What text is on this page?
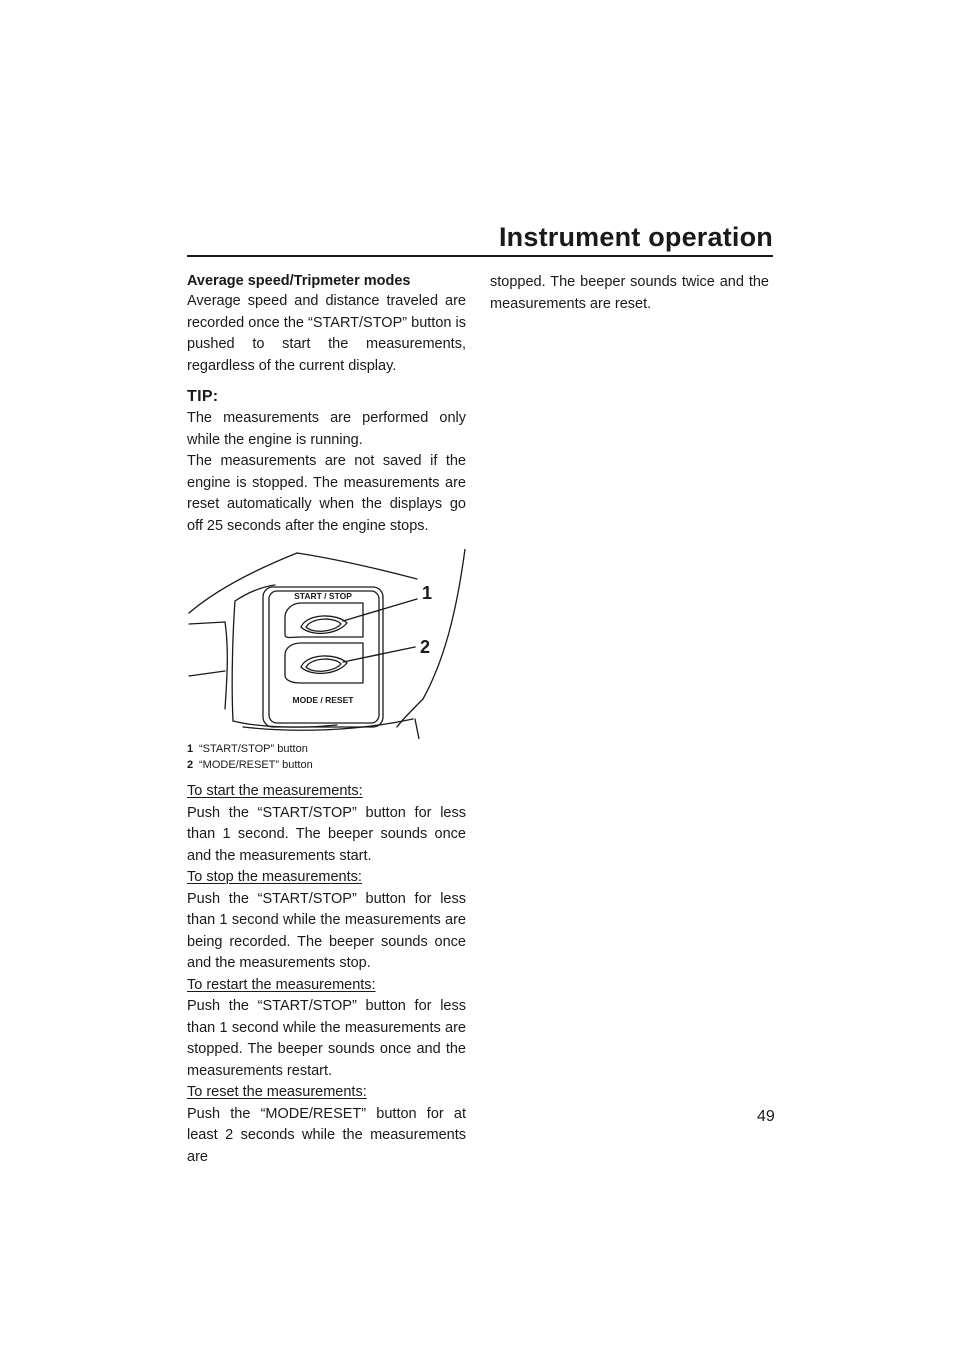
Instrument operation

Average speed/Tripmeter modes

Average speed and distance traveled are recorded once the “START/STOP” button is pushed to start the measurements, regardless of the current display.

TIP:

The measurements are performed only while the engine is running.

The measurements are not saved if the engine is stopped. The measurements are reset automatically when the displays go off 25 seconds after the engine stops.

START / STOP
MODE / RESET
1
2
1 “START/STOP” button
2 “MODE/RESET” button

To start the measurements:

Push the “START/STOP” button for less than 1 second. The beeper sounds once and the measurements start.

To stop the measurements:

Push the “START/STOP” button for less than 1 second while the measurements are being recorded. The beeper sounds once and the measurements stop.

To restart the measurements:

Push the “START/STOP” button for less than 1 second while the measurements are stopped. The beeper sounds once and the measurements restart.

To reset the measurements:

Push the “MODE/RESET” button for at least 2 seconds while the measurements are

stopped. The beeper sounds twice and the measurements are reset.

49
